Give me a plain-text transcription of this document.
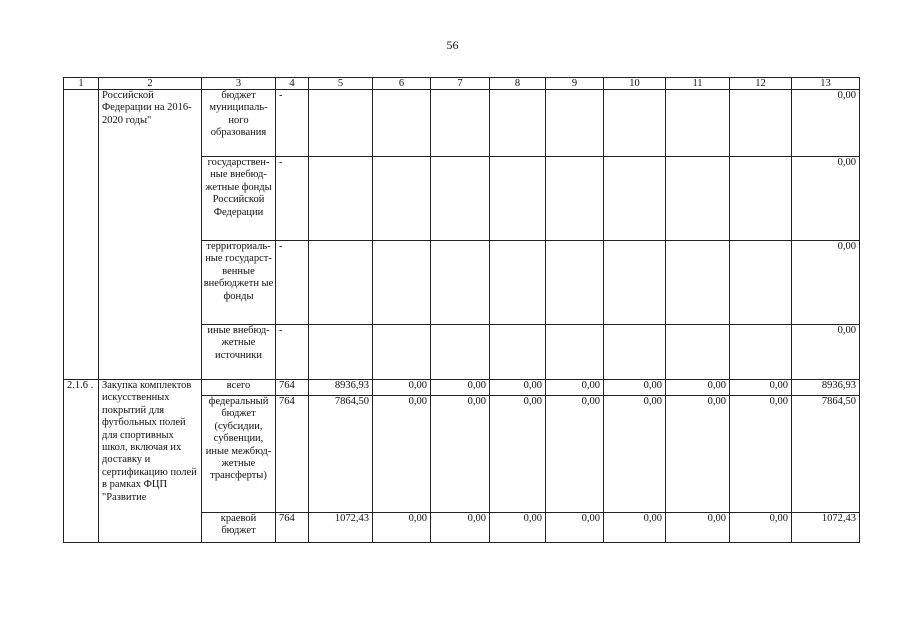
56
1	2	3	4	5	6	7	8	9	10	11	12	13
	Российской Федерации на 2016-2020 годы"	бюджет муниципаль-ного образования	-									0,00
		государствен-ные внебюд-жетные фонды Российской Федерации	-									0,00
		территориаль-ные государст-венные внебюджетн ые фонды	-									0,00
		иные внебюд-жетные источники	-									0,00
2.1.6 .	Закупка комплектов искусственных покрытий для футбольных полей для спортивных школ, включая их доставку и сертификацию полей в рамках ФЦП "Развитие	всего	764	8936,93	0,00	0,00	0,00	0,00	0,00	0,00	0,00	8936,93
		федеральный бюджет (субсидии, субвенции, иные межбюд-жетные трансферты)	764	7864,50	0,00	0,00	0,00	0,00	0,00	0,00	0,00	7864,50
		краевой бюджет	764	1072,43	0,00	0,00	0,00	0,00	0,00	0,00	0,00	1072,43
